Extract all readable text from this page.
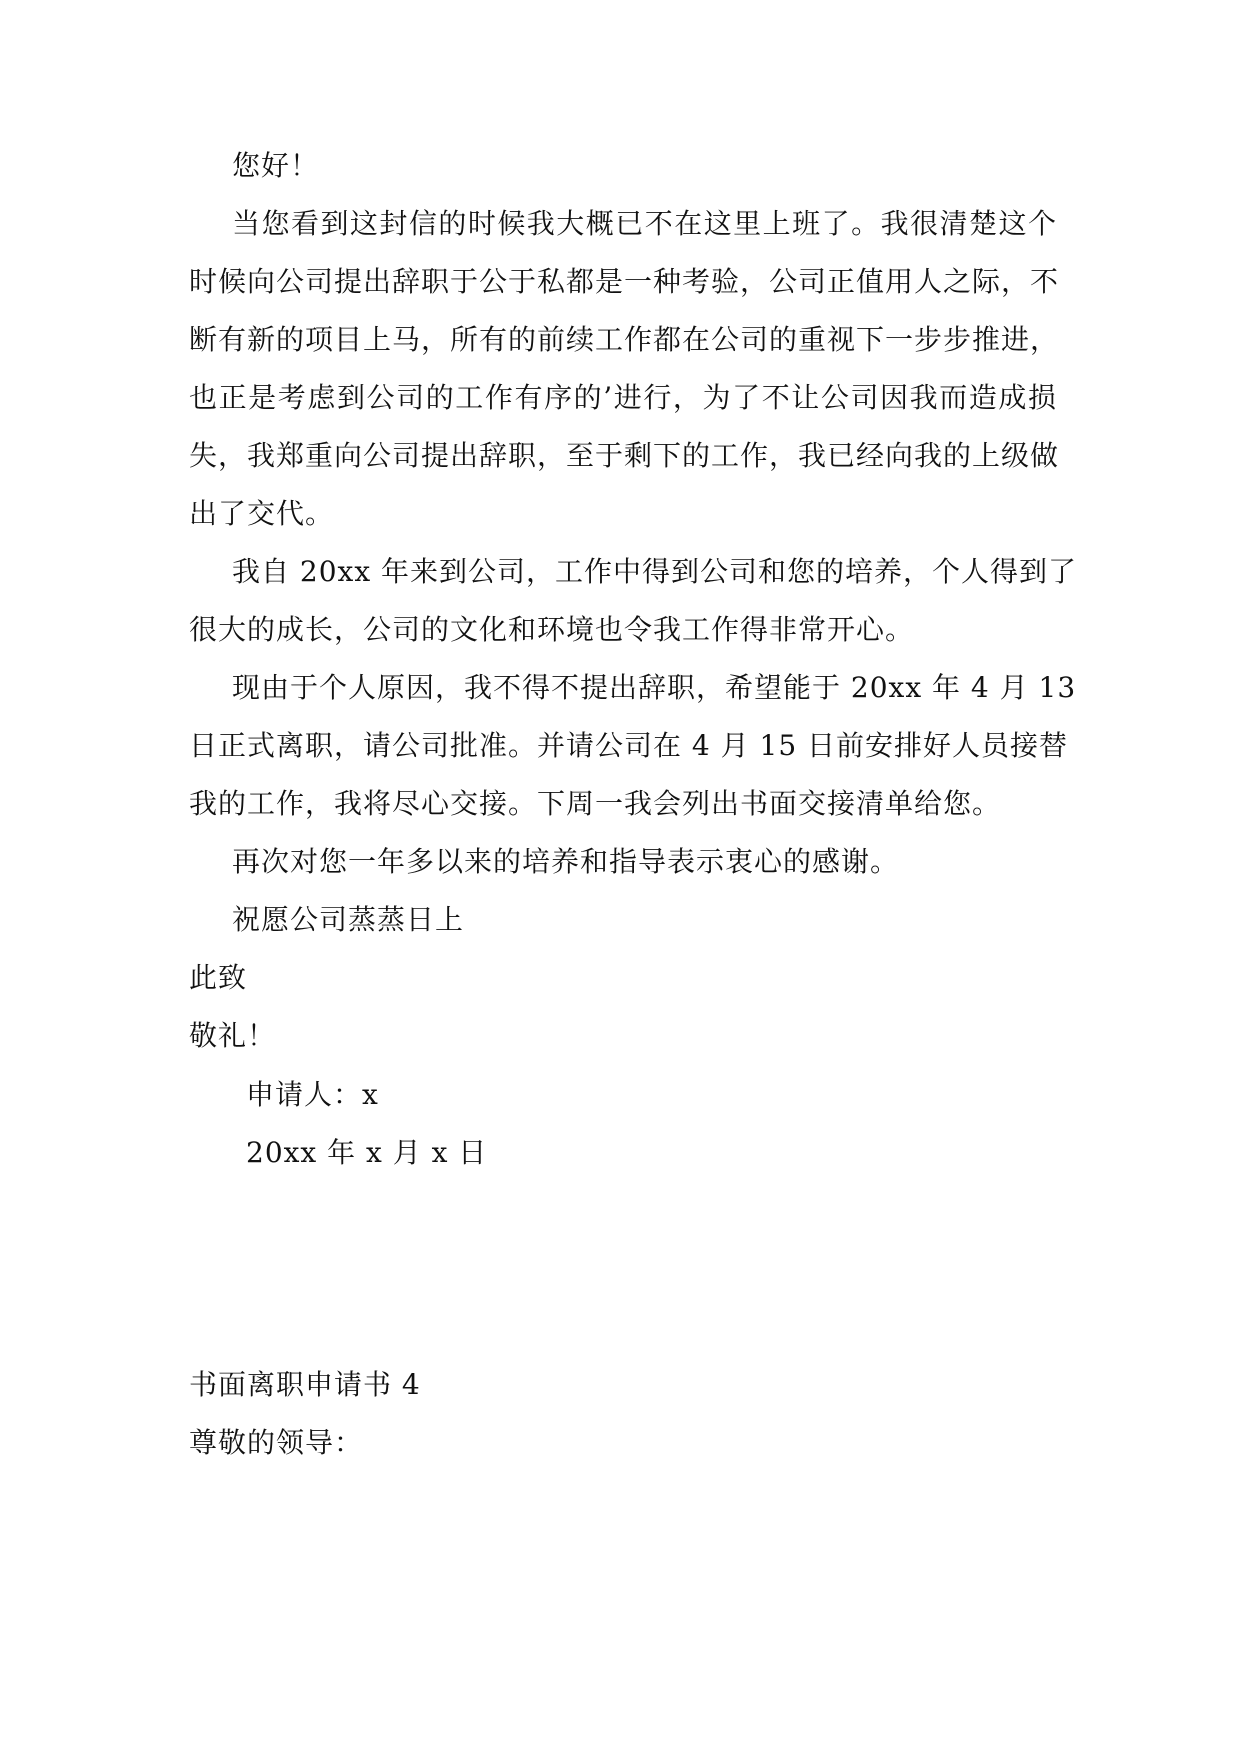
您好！
当您看到这封信的时候我大概已不在这里上班了。我很清楚这个
时候向公司提出辞职于公于私都是一种考验，公司正值用人之际，不
断有新的项目上马，所有的前续工作都在公司的重视下一步步推进，
也正是考虑到公司的工作有序的’进行，为了不让公司因我而造成损
失，我郑重向公司提出辞职，至于剩下的工作，我已经向我的上级做
出了交代。
我自 20xx 年来到公司，工作中得到公司和您的培养，个人得到了
很大的成长，公司的文化和环境也令我工作得非常开心。
现由于个人原因，我不得不提出辞职，希望能于 20xx 年 4 月 13
日正式离职，请公司批准。并请公司在 4 月 15 日前安排好人员接替
我的工作，我将尽心交接。下周一我会列出书面交接清单给您。
再次对您一年多以来的培养和指导表示衷心的感谢。
祝愿公司蒸蒸日上
此致
敬礼！
申请人：x
20xx 年 x 月 x 日
书面离职申请书 4
尊敬的领导：
